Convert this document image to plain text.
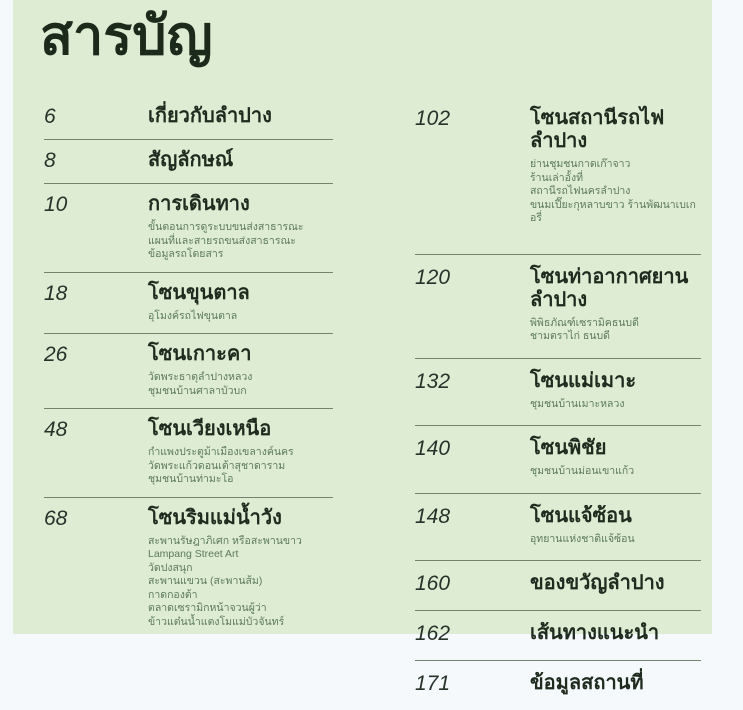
สารบัญ
6	เกี่ยวกับลำปาง
8	สัญลักษณ์
10	การเดินทาง
ขั้นตอนการดูระบบขนส่งสาธารณะ
แผนที่และสายรถขนส่งสาธารณะ
ข้อมูลรถโดยสาร
18	โซนขุนตาล
อุโมงค์รถไฟขุนตาล
26	โซนเกาะคา
วัดพระธาตุลำปางหลวง
ชุมชนบ้านศาลาบัวบก
48	โซนเวียงเหนือ
กำแพงประตูม้าเมืองเขลางค์นคร
วัดพระแก้วดอนเต้าสุชาดาราม
ชุมชนบ้านท่ามะโอ
68	โซนริมแม่น้ำวัง
สะพานรัษฎาภิเศก หรือสะพานขาว
Lampang Street Art
วัดปงสนุก
สะพานแขวน (สะพานส้ม)
กาดกองต้า
ตลาดเซรามิกหน้าจวนผู้ว่า
ข้าวแต๋นน้ำแตงโมแม่บัวจันทร์
102	โซนสถานีรถไฟลำปาง
ย่านชุมชนกาดเก๊าจาว
ร้านเล่าอั้งที่
สถานีรถไฟนครลำปาง
ขนมเปี๊ยะกุหลาบขาว ร้านพัฒนาเบเกอรี่
120	โซนท่าอากาศยานลำปาง
พิพิธภัณฑ์เซรามิคธนบดี
ชามตราไก่ ธนบดี
132	โซนแม่เมาะ
ชุมชนบ้านเมาะหลวง
140	โซนพิชัย
ชุมชนบ้านม่อนเขาแก้ว
148	โซนแจ้ซ้อน
อุทยานแห่งชาติแจ้ซ้อน
160	ของขวัญลำปาง
162	เส้นทางแนะนำ
171	ข้อมูลสถานที่
